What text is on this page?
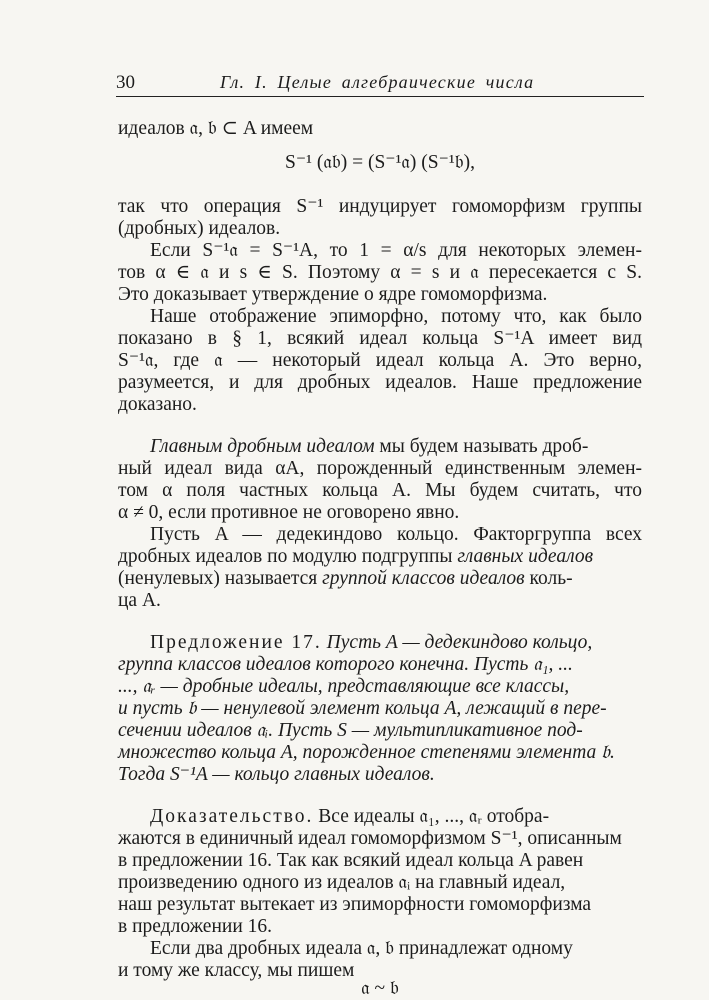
30	Гл. I. Целые алгебраические числа
идеалов 𝔞, 𝔟 ⊂ A имеем
S⁻¹ (𝔞𝔟) = (S⁻¹𝔞) (S⁻¹𝔟),
так что операция S⁻¹ индуцирует гомоморфизм группы
(дробных) идеалов.
Если S⁻¹𝔞 = S⁻¹A, то 1 = α/s для некоторых элемен-
тов α ∈ 𝔞 и s ∈ S. Поэтому α = s и 𝔞 пересекается с S.
Это доказывает утверждение о ядре гомоморфизма.
Наше отображение эпиморфно, потому что, как было
показано в § 1, всякий идеал кольца S⁻¹A имеет вид
S⁻¹𝔞, где 𝔞 — некоторый идеал кольца A. Это верно,
разумеется, и для дробных идеалов. Наше предложение
доказано.
Главным дробным идеалом мы будем называть дроб-
ный идеал вида αA, порожденный единственным элемен-
том α поля частных кольца A. Мы будем считать, что
α ≠ 0, если противное не оговорено явно.
Пусть A — дедекиндово кольцо. Факторгруппа всех
дробных идеалов по модулю подгруппы главных идеалов
(ненулевых) называется группой классов идеалов коль-
ца A.
Предложение 17. Пусть A — дедекиндово кольцо,
группа классов идеалов которого конечна. Пусть 𝔞₁, ...
..., 𝔞ᵣ — дробные идеалы, представляющие все классы,
и пусть 𝔟 — ненулевой элемент кольца A, лежащий в пере-
сечении идеалов 𝔞ᵢ. Пусть S — мультипликативное под-
множество кольца A, порожденное степенями элемента 𝔟.
Тогда S⁻¹A — кольцо главных идеалов.
Доказательство. Все идеалы 𝔞₁, ..., 𝔞ᵣ отобра-
жаются в единичный идеал гомоморфизмом S⁻¹, описанным
в предложении 16. Так как всякий идеал кольца A равен
произведению одного из идеалов 𝔞ᵢ на главный идеал,
наш результат вытекает из эпиморфности гомоморфизма
в предложении 16.
Если два дробных идеала 𝔞, 𝔟 принадлежат одному
и тому же классу, мы пишем
𝔞 ~ 𝔟
